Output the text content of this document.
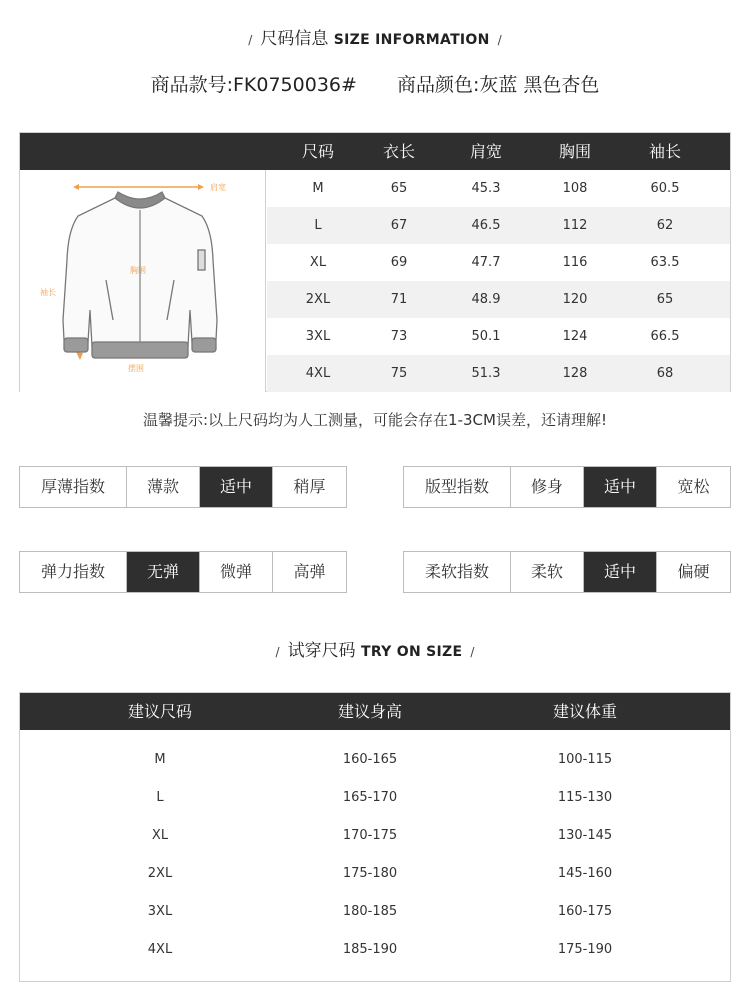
/ 尺码信息 SIZE INFORMATION /
商品款号:FK0750036# 商品颜色:灰蓝 黑色杏色
尺码	衣长	肩宽	胸围	袖长
肩宽
胸围
袖长
摆围
M	65	45.3	108	60.5
L	67	46.5	112	62
XL	69	47.7	116	63.5
2XL	71	48.9	120	65
3XL	73	50.1	124	66.5
4XL	75	51.3	128	68
温馨提示:以上尺码均为人工测量，可能会存在1-3CM误差，还请理解!
厚薄指数	薄款	适中	稍厚	版型指数	修身	适中	宽松
弹力指数	无弹	微弹	高弹	柔软指数	柔软	适中	偏硬
/ 试穿尺码 TRY ON SIZE /
建议尺码	建议身高	建议体重
M	160-165	100-115
L	165-170	115-130
XL	170-175	130-145
2XL	175-180	145-160
3XL	180-185	160-175
4XL	185-190	175-190
